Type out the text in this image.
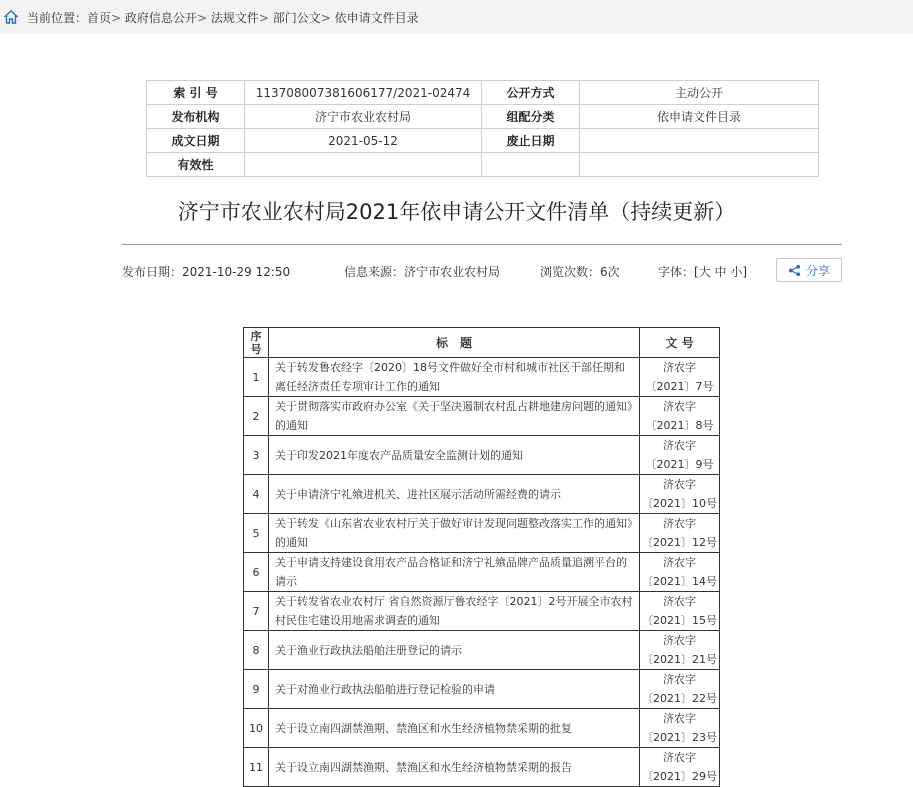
当前位置：首页> 政府信息公开> 法规文件> 部门公文> 依申请文件目录
索 引 号	113708007381606177/2021-02474	公开方式	主动公开
发布机构	济宁市农业农村局	组配分类	依申请文件目录
成文日期	2021-05-12	废止日期	
有效性			
济宁市农业农村局2021年依申请公开文件清单（持续更新）
发布日期：2021-10-29 12:50	信息来源：济宁市农业农村局	浏览次数：6次	字体：[大 中 小]	分享
序
号	标　题	文 号
1	关于转发鲁农经字〔2020〕18号文件做好全市村和城市社区干部任期和离任经济责任专项审计工作的通知	济农字
〔2021〕7号
2	关于贯彻落实市政府办公室《关于坚决遏制农村乱占耕地建房问题的通知》的通知	济农字
〔2021〕8号
3	关于印发2021年度农产品质量安全监测计划的通知	济农字
〔2021〕9号
4	关于申请济宁礼飨进机关、进社区展示活动所需经费的请示	济农字
〔2021〕10号
5	关于转发《山东省农业农村厅关于做好审计发现问题整改落实工作的通知》的通知	济农字
〔2021〕12号
6	关于申请支持建设食用农产品合格证和济宁礼飨品牌产品质量追溯平台的请示	济农字
〔2021〕14号
7	关于转发省农业农村厅 省自然资源厅鲁农经字〔2021〕2号开展全市农村村民住宅建设用地需求调查的通知	济农字
〔2021〕15号
8	关于渔业行政执法船舶注册登记的请示	济农字
〔2021〕21号
9	关于对渔业行政执法船舶进行登记检验的申请	济农字
〔2021〕22号
10	关于设立南四湖禁渔期、禁渔区和水生经济植物禁采期的批复	济农字
〔2021〕23号
11	关于设立南四湖禁渔期、禁渔区和水生经济植物禁采期的报告	济农字
〔2021〕29号
